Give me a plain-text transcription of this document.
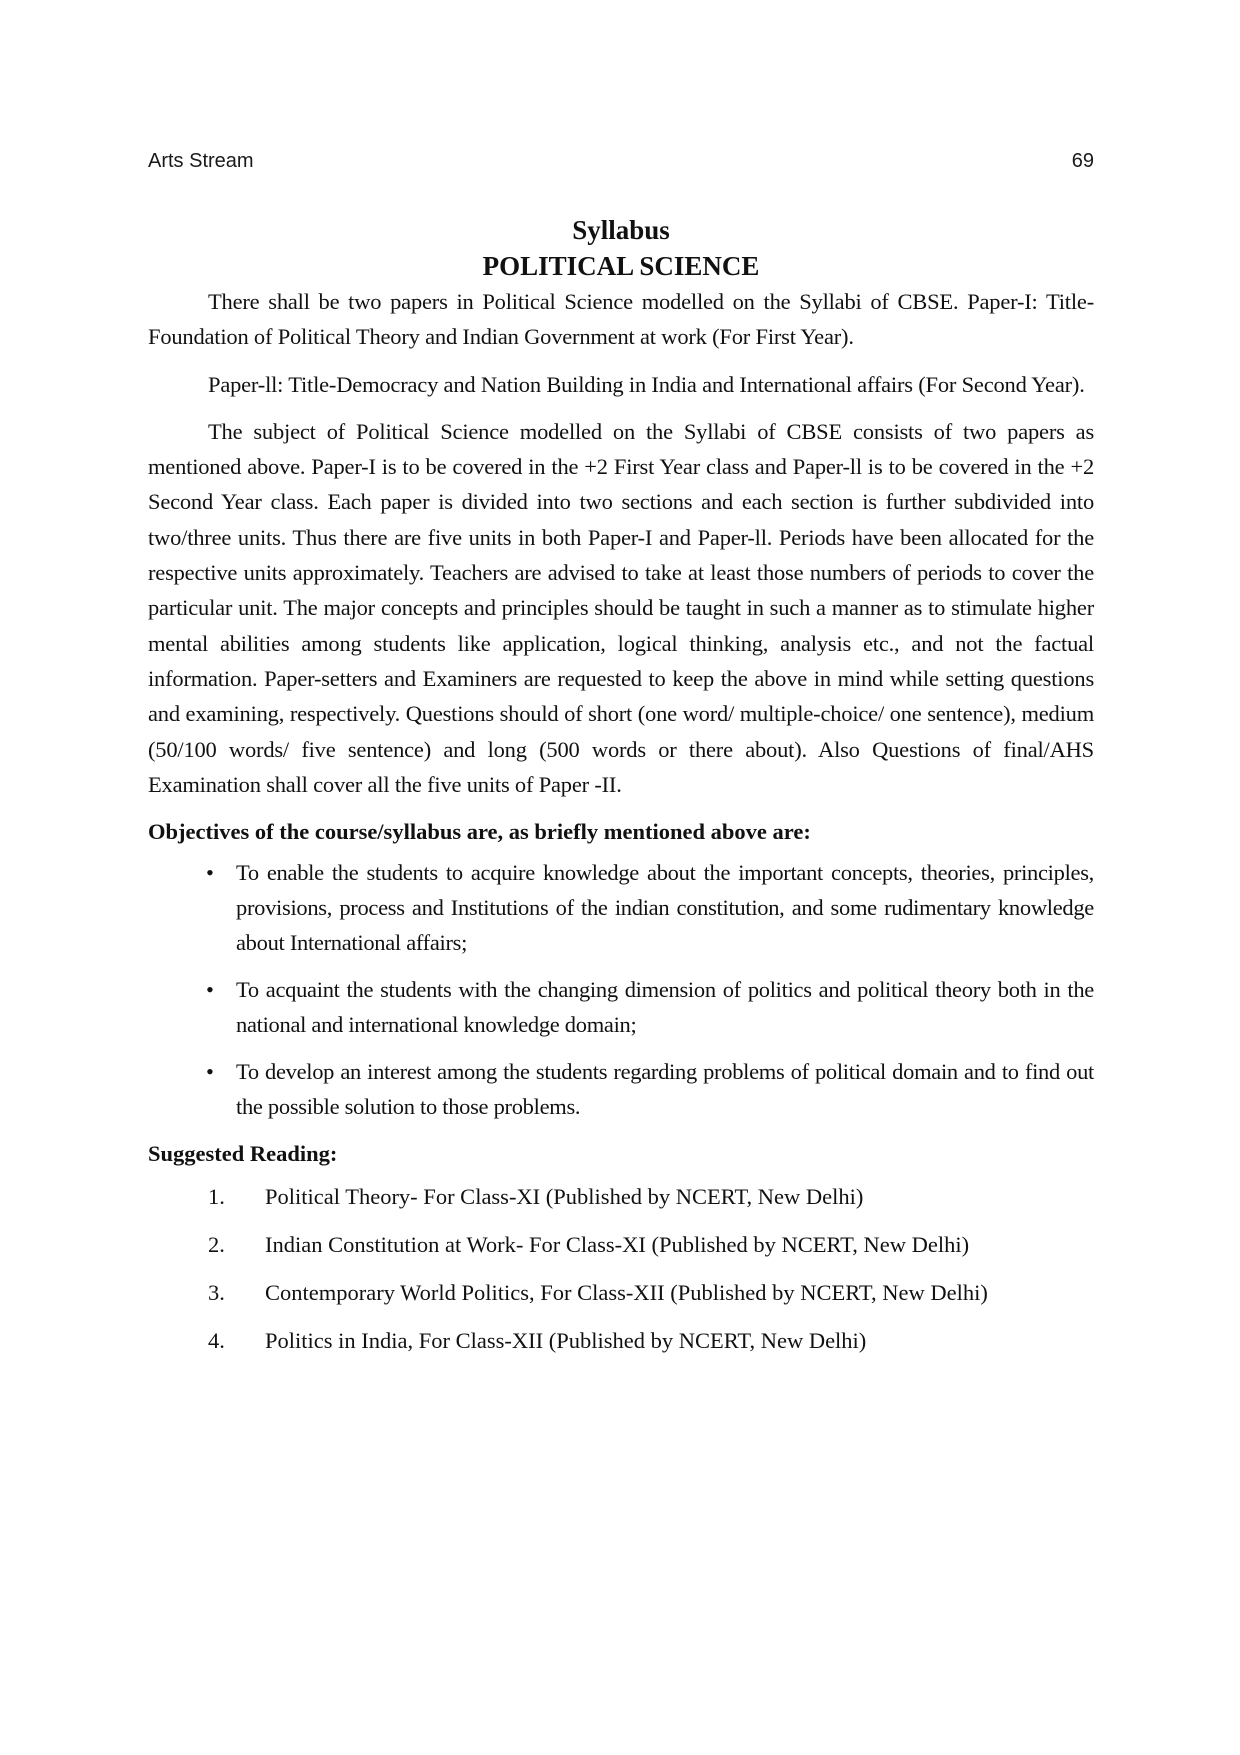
Arts Stream	69
Syllabus
POLITICAL SCIENCE

There shall be two papers in Political Science modelled on the Syllabi of CBSE. Paper-I: Title-Foundation of Political Theory and Indian Government at work (For First Year).

Paper-ll: Title-Democracy and Nation Building in India and International affairs (For Second Year).

The subject of Political Science modelled on the Syllabi of CBSE consists of two papers as mentioned above. Paper-I is to be covered in the +2 First Year class and Paper-ll is to be covered in the +2 Second Year class. Each paper is divided into two sections and each section is further subdivided into two/three units. Thus there are five units in both Paper-I and Paper-ll. Periods have been allocated for the respective units approximately. Teachers are advised to take at least those numbers of periods to cover the particular unit. The major concepts and principles should be taught in such a manner as to stimulate higher mental abilities among students like application, logical thinking, analysis etc., and not the factual information. Paper-setters and Examiners are requested to keep the above in mind while setting questions and examining, respectively. Questions should of short (one word/ multiple-choice/ one sentence), medium (50/100 words/ five sentence) and long (500 words or there about). Also Questions of final/AHS Examination shall cover all the five units of Paper -II.

Objectives of the course/syllabus are, as briefly mentioned above are:
• To enable the students to acquire knowledge about the important concepts, theories, principles, provisions, process and Institutions of the indian constitution, and some rudimentary knowledge about International affairs;
• To acquaint the students with the changing dimension of politics and political theory both in the national and international knowledge domain;
• To develop an interest among the students regarding problems of political domain and to find out the possible solution to those problems.
Suggested Reading:
1. Political Theory- For Class-XI (Published by NCERT, New Delhi)
2. Indian Constitution at Work- For Class-XI (Published by NCERT, New Delhi)
3. Contemporary World Politics, For Class-XII (Published by NCERT, New Delhi)
4. Politics in India, For Class-XII (Published by NCERT, New Delhi)
